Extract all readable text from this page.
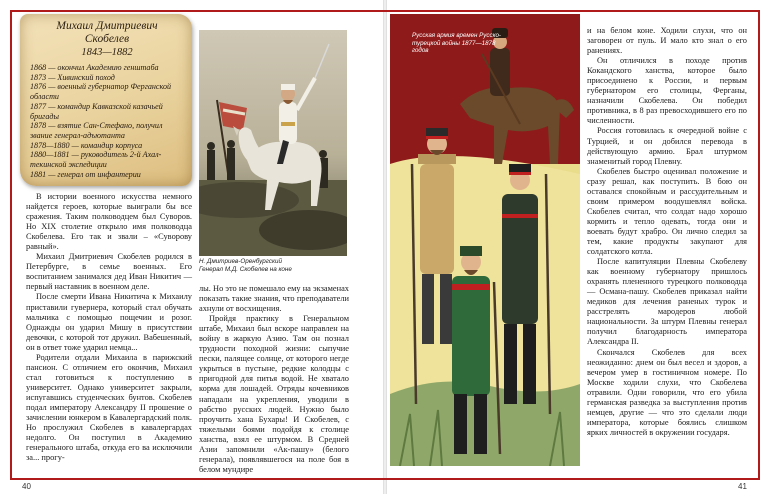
Михаил Дмитриевич
Скобелев
1843—1882
1868 — окончил Академию генштаба
1873 — Хивинский поход
1876 — военный губернатор Ферганской области
1877 — командир Кавказской казачьей бригады
1878 — взятие Сан-Стефано, получил звание генерал-адъютанта
1878—1880 — командир корпуса
1880—1881 — руководитель 2-й Ахал-текинской экспедиции
1881 — генерал от инфантерии
Н. Дмитриев-Оренбургский
Генерал М.Д. Скобелев на коне

В истории военного искусства немного найдется героев, которые выиграли бы все сражения. Таким полководцем был Суворов. Но XIX столетие открыло имя полководца Скобелева. Его так и звали – «Суворову равный».

Михаил Дмитриевич Скобелев родился в Петербурге, в семье военных. Его воспитанием занимался дед Иван Никитич — первый наставник в военном деле.

После смерти Ивана Никитича к Михаилу приставили гувернера, который стал обучать мальчика с помощью пощечин и розог. Однажды он ударил Мишу в присутствии девочки, с которой тот дружил. Вабешенный, он в ответ тоже ударил немца...

Родители отдали Михаила в парижский пансион. С отличием его окончив, Михаил стал готовиться к поступлению в университет. Однако университет закрыли, испугавшись студенческих бунтов. Скобелев подал императору Александру II прошение о зачислении юнкером в Кавалергардский полк. Но прослужил Скобелев в кавалергардах недолго. Он поступил в Академию генерального штаба, откуда его ва исключили за... прогу-

лы. Но это не помешало ему на экзаменах показать такие знания, что преподаватели ахнули от восхищения.

Пройдя практику в Генеральном штабе, Михаил был вскоре направлен на войну в жаркую Азию. Там он познал трудности походной жизни: сыпучие пески, палящее солнце, от которого негде укрыться в пустыне, редкие колодцы с пригодной для питья водой. Не хватало корма для лошадей. Отряды кочевников нападали на укрепления, уводили в рабство русских людей. Нужно было проучить хана Бухары! И Скобелев, с тяжелыми боями подойдя к столице ханства, взял ее штурмом. В Средней Азии запомнили «Ак-пашу» (белого генерала), появлявшегося на поле боя в белом мундире

Русская армия времен Русско-турецкой войны 1877—1878 годов

и на белом коне. Ходили слухи, что он заговорен от пуль. И мало кто знал о его ранениях.

Он отличился в походе против Кокандского ханства, которое было присоединено к России, и первым губернатором его столицы, Ферганы, назначили Скобелева. Он победил противника, в 8 раз превосходившего его по численности.

Россия готовилась к очередной войне с Турцией, и он добился перевода в действующую армию. Брал штурмом знаменитый город Плевну.

Скобелев быстро оценивал положение и сразу решал, как поступить. В бою он оставался спокойным и рассудительным и своим примером воодушевлял войска. Скобелев считал, что солдат надо хорошо кормить и тепло одевать, тогда они и воевать будут храбро. Он лично следил за тем, какие продукты закупают для солдатского котла.

После капитуляции Плевны Скобелеву как военному губернатору пришлось охранять плененного турецкого полководца — Османа-пашу. Скобелев приказал найти медиков для лечения раненых турок и расстрелять мародеров любой национальности. За штурм Плевны генерал получил благодарность императора Александра II.

Скончался Скобелев для всех неожиданно: днем он был весел и здоров, а вечером умер в гостиничном номере. По Москве ходили слухи, что Скобелева отравили. Одни говорили, что его убила германская разведка за выступления против немцев, другие — что это сделали люди императора, которые боялись слишком ярких личностей в окружении государя.

40	41
